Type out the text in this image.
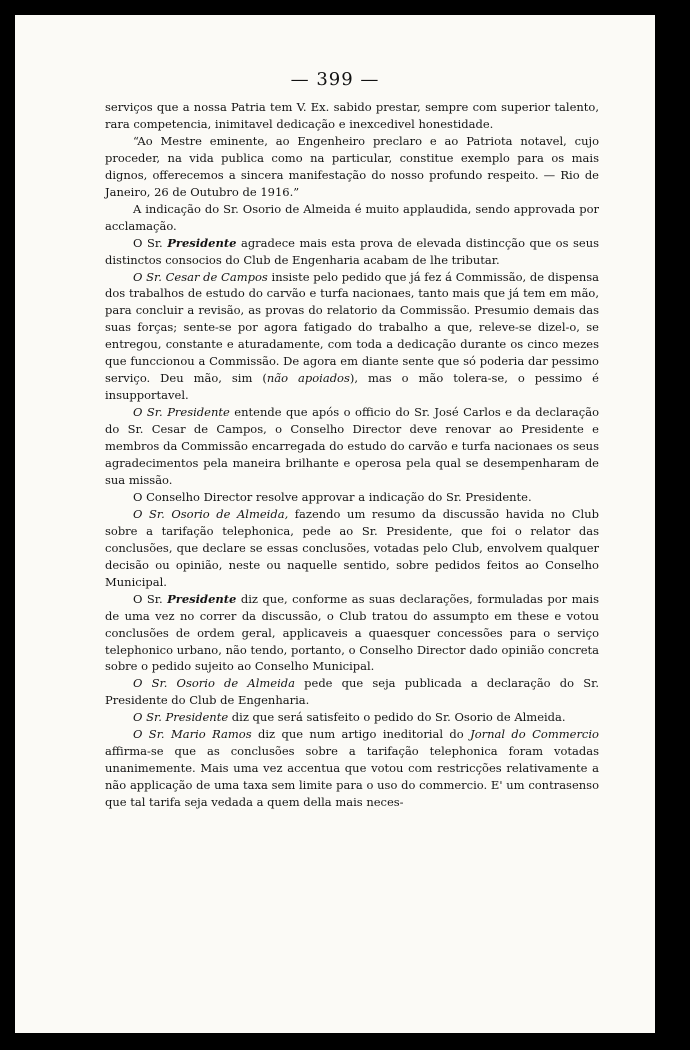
— 399 —

serviços que a nossa Patria tem V. Ex. sabido prestar, sempre com superior talento, rara competencia, inimitavel dedicação e inexcedivel honestidade.

“Ao Mestre eminente, ao Engenheiro preclaro e ao Patriota notavel, cujo proceder, na vida publica como na particular, constitue exemplo para os mais dignos, offerecemos a sincera manifestação do nosso profundo respeito. — Rio de Janeiro, 26 de Outubro de 1916.”

A indicação do Sr. Osorio de Almeida é muito applaudida, sendo approvada por acclamação.

O Sr. Presidente agradece mais esta prova de elevada distincção que os seus distinctos consocios do Club de Engenharia acabam de lhe tributar.

O Sr. Cesar de Campos insiste pelo pedido que já fez á Commissão, de dispensa dos trabalhos de estudo do carvão e turfa nacionaes, tanto mais que já tem em mão, para concluir a revisão, as provas do relatorio da Commissão. Presumio demais das suas forças; sente-se por agora fatigado do trabalho a que, releve-se dizel-o, se entregou, constante e aturadamente, com toda a dedicação durante os cinco mezes que funccionou a Commissão. De agora em diante sente que só poderia dar pessimo serviço. Deu mão, sim (não apoiados), mas o mão tolera-se, o pessimo é insupportavel.

O Sr. Presidente entende que após o officio do Sr. José Carlos e da declaração do Sr. Cesar de Campos, o Conselho Director deve renovar ao Presidente e membros da Commissão encarregada do estudo do carvão e turfa nacionaes os seus agradecimentos pela maneira brilhante e operosa pela qual se desempenharam de sua missão.

O Conselho Director resolve approvar a indicação do Sr. Presidente.

O Sr. Osorio de Almeida, fazendo um resumo da discussão havida no Club sobre a tarifação telephonica, pede ao Sr. Presidente, que foi o relator das conclusões, que declare se essas conclusões, votadas pelo Club, envolvem qualquer decisão ou opinião, neste ou naquelle sentido, sobre pedidos feitos ao Conselho Municipal.

O Sr. Presidente diz que, conforme as suas declarações, formuladas por mais de uma vez no correr da discussão, o Club tratou do assumpto em these e votou conclusões de ordem geral, applicaveis a quaesquer concessões para o serviço telephonico urbano, não tendo, portanto, o Conselho Director dado opinião concreta sobre o pedido sujeito ao Conselho Municipal.

O Sr. Osorio de Almeida pede que seja publicada a declaração do Sr. Presidente do Club de Engenharia.

O Sr. Presidente diz que será satisfeito o pedido do Sr. Osorio de Almeida.

O Sr. Mario Ramos diz que num artigo ineditorial do Jornal do Commercio affirma-se que as conclusões sobre a tarifação telephonica foram votadas unanimemente. Mais uma vez accentua que votou com restricções relativamente a não applicação de uma taxa sem limite para o uso do commercio. E' um contrasenso que tal tarifa seja vedada a quem della mais neces-
